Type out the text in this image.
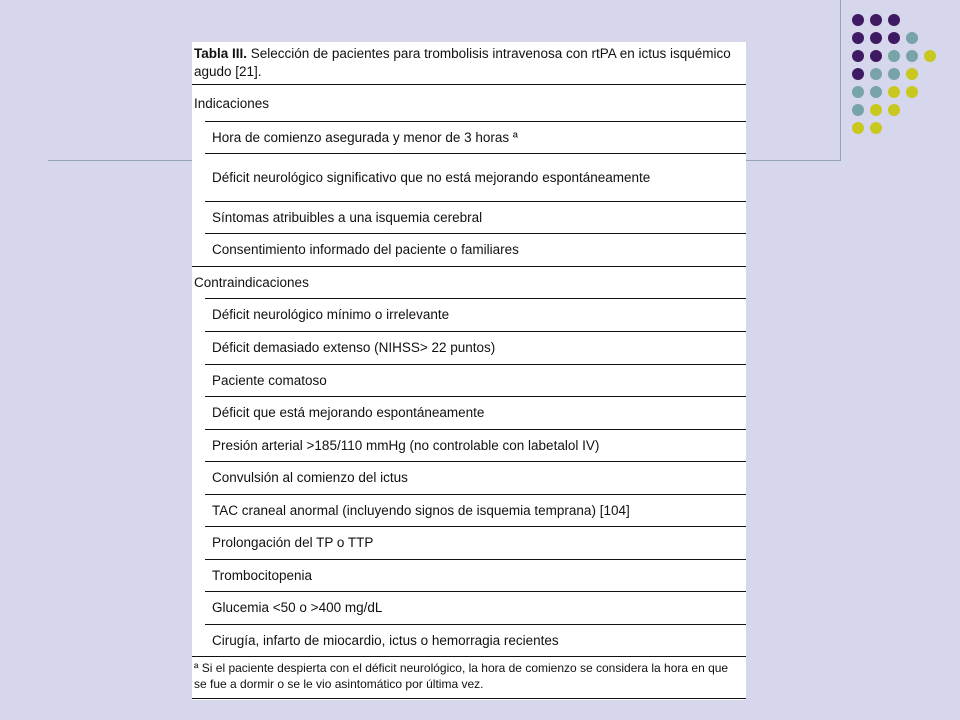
Tabla III. Selección de pacientes para trombolisis intravenosa con rtPA en ictus isquémico agudo [21].
Indicaciones
Hora de comienzo asegurada y menor de 3 horas ª
Déficit neurológico significativo que no está mejorando espontáneamente
Síntomas atribuibles a una isquemia cerebral
Consentimiento informado del paciente o familiares
Contraindicaciones
Déficit neurológico mínimo o irrelevante
Déficit demasiado extenso (NIHSS> 22 puntos)
Paciente comatoso
Déficit que está mejorando espontáneamente
Presión arterial >185/110 mmHg (no controlable con labetalol IV)
Convulsión al comienzo del ictus
TAC craneal anormal (incluyendo signos de isquemia temprana) [104]
Prolongación del TP o TTP
Trombocitopenia
Glucemia <50 o >400 mg/dL
Cirugía, infarto de miocardio, ictus o hemorragia recientes
ª Si el paciente despierta con el déficit neurológico, la hora de comienzo se considera la hora en que se fue a dormir o se le vio asintomático por última vez.
